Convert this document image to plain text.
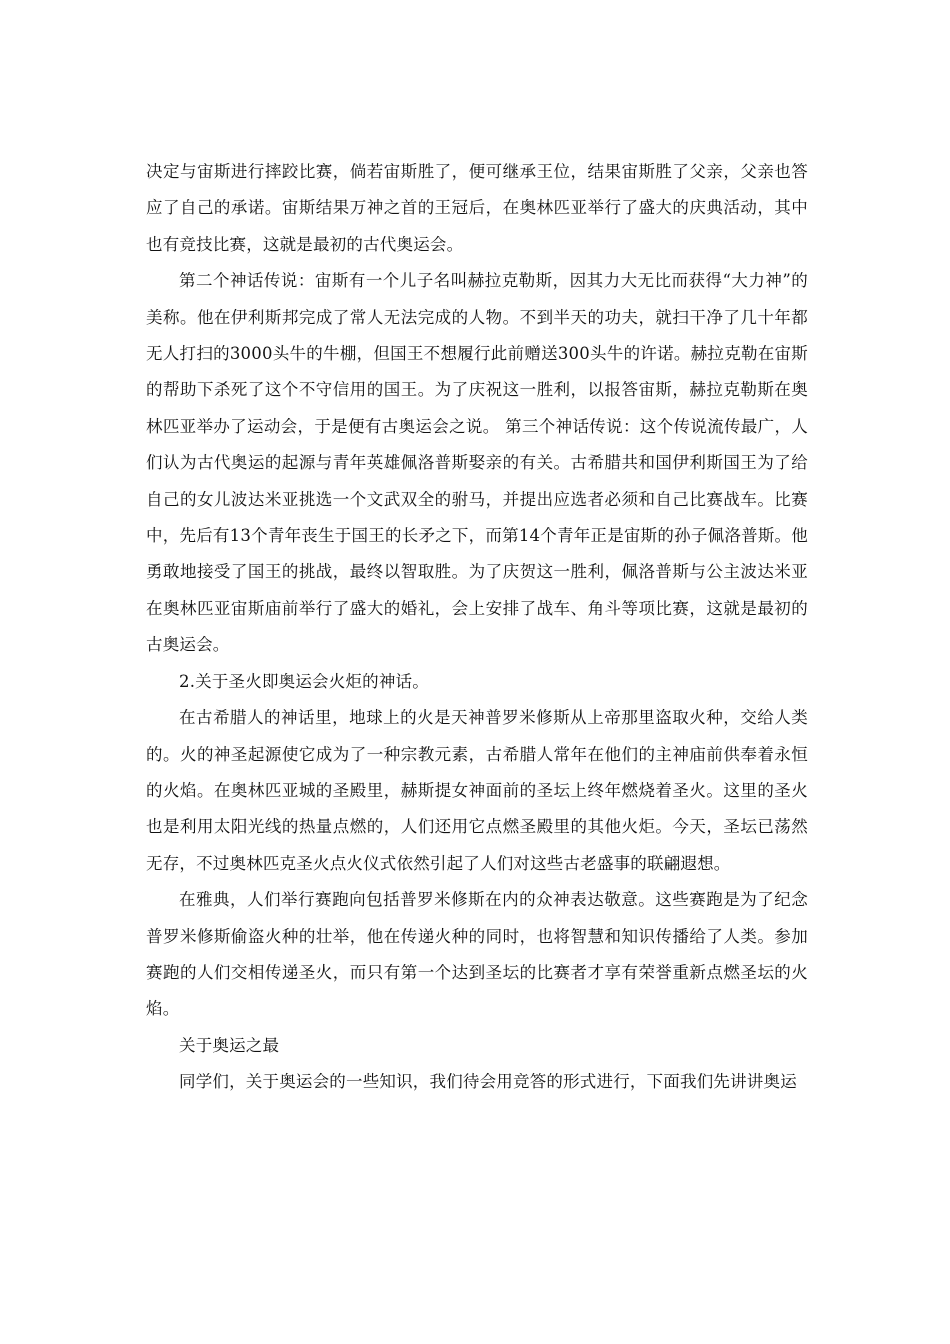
决定与宙斯进行摔跤比赛，倘若宙斯胜了，便可继承王位，结果宙斯胜了父亲，父亲也答应了自己的承诺。宙斯结果万神之首的王冠后，在奥林匹亚举行了盛大的庆典活动，其中也有竞技比赛，这就是最初的古代奥运会。

第二个神话传说：宙斯有一个儿子名叫赫拉克勒斯，因其力大无比而获得“大力神”的美称。他在伊利斯邦完成了常人无法完成的人物。不到半天的功夫，就扫干净了几十年都无人打扫的3000头牛的牛棚，但国王不想履行此前赠送300头牛的许诺。赫拉克勒在宙斯的帮助下杀死了这个不守信用的国王。为了庆祝这一胜利，以报答宙斯，赫拉克勒斯在奥林匹亚举办了运动会，于是便有古奥运会之说。 第三个神话传说：这个传说流传最广，人们认为古代奥运的起源与青年英雄佩洛普斯娶亲的有关。古希腊共和国伊利斯国王为了给自己的女儿波达米亚挑选一个文武双全的驸马，并提出应选者必须和自己比赛战车。比赛中，先后有13个青年丧生于国王的长矛之下，而第14个青年正是宙斯的孙子佩洛普斯。他勇敢地接受了国王的挑战，最终以智取胜。为了庆贺这一胜利，佩洛普斯与公主波达米亚在奥林匹亚宙斯庙前举行了盛大的婚礼，会上安排了战车、角斗等项比赛，这就是最初的古奥运会。

2.关于圣火即奥运会火炬的神话。

在古希腊人的神话里，地球上的火是天神普罗米修斯从上帝那里盗取火种，交给人类的。火的神圣起源使它成为了一种宗教元素，古希腊人常年在他们的主神庙前供奉着永恒的火焰。在奥林匹亚城的圣殿里，赫斯提女神面前的圣坛上终年燃烧着圣火。这里的圣火也是利用太阳光线的热量点燃的，人们还用它点燃圣殿里的其他火炬。今天，圣坛已荡然无存，不过奥林匹克圣火点火仪式依然引起了人们对这些古老盛事的联翩遐想。

在雅典，人们举行赛跑向包括普罗米修斯在内的众神表达敬意。这些赛跑是为了纪念普罗米修斯偷盗火种的壮举，他在传递火种的同时，也将智慧和知识传播给了人类。参加赛跑的人们交相传递圣火，而只有第一个达到圣坛的比赛者才享有荣誉重新点燃圣坛的火焰。

关于奥运之最

同学们，关于奥运会的一些知识，我们待会用竞答的形式进行，下面我们先讲讲奥运
